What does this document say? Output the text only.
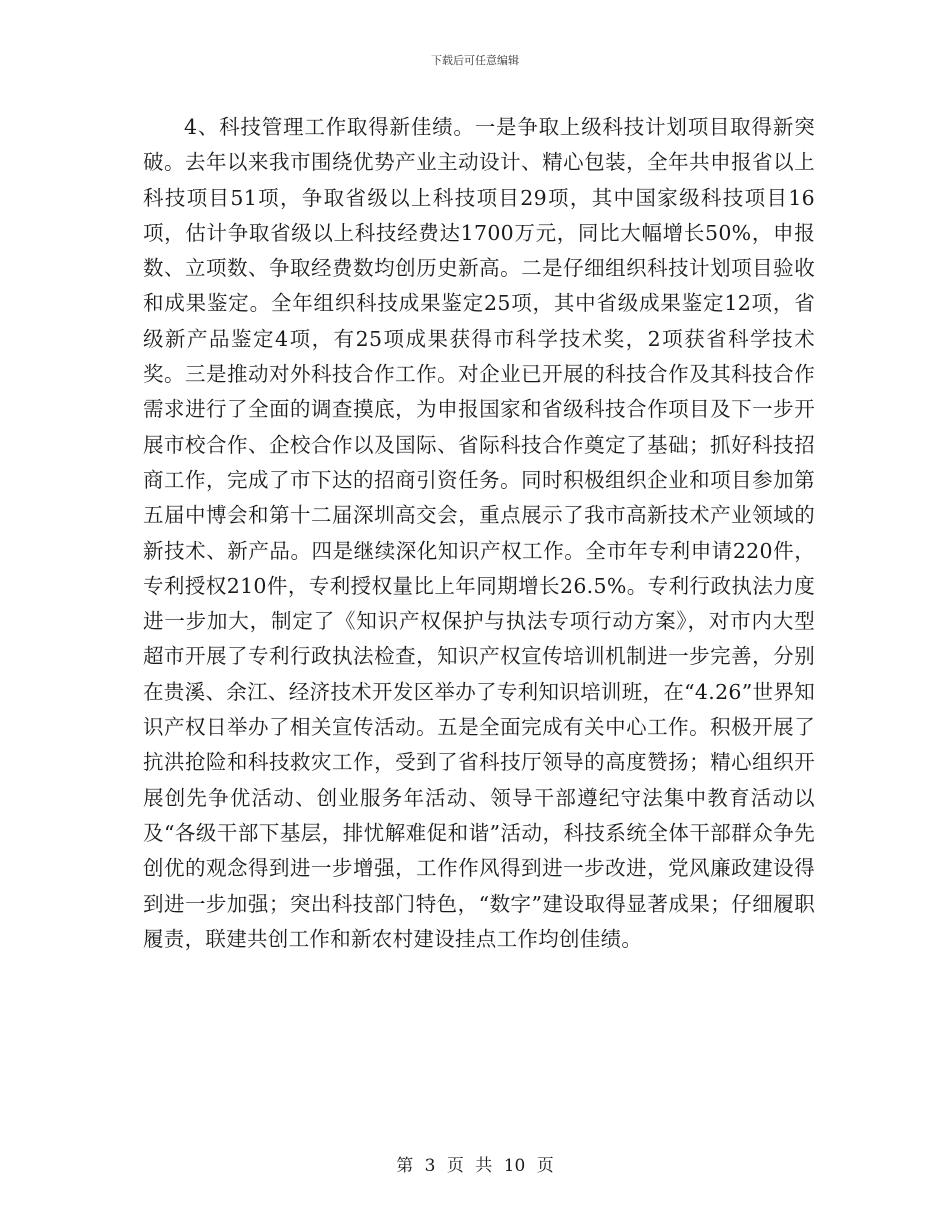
下载后可任意编辑

4、科技管理工作取得新佳绩。一是争取上级科技计划项目取得新突破。去年以来我市围绕优势产业主动设计、精心包装，全年共申报省以上科技项目51项，争取省级以上科技项目29项，其中国家级科技项目16项，估计争取省级以上科技经费达1700万元，同比大幅增长50%，申报数、立项数、争取经费数均创历史新高。二是仔细组织科技计划项目验收和成果鉴定。全年组织科技成果鉴定25项，其中省级成果鉴定12项，省级新产品鉴定4项，有25项成果获得市科学技术奖，2项获省科学技术奖。三是推动对外科技合作工作。对企业已开展的科技合作及其科技合作需求进行了全面的调查摸底，为申报国家和省级科技合作项目及下一步开展市校合作、企校合作以及国际、省际科技合作奠定了基础；抓好科技招商工作，完成了市下达的招商引资任务。同时积极组织企业和项目参加第五届中博会和第十二届深圳高交会，重点展示了我市高新技术产业领域的新技术、新产品。四是继续深化知识产权工作。全市年专利申请220件，专利授权210件，专利授权量比上年同期增长26.5%。专利行政执法力度进一步加大，制定了《知识产权保护与执法专项行动方案》，对市内大型超市开展了专利行政执法检查，知识产权宣传培训机制进一步完善，分别在贵溪、余江、经济技术开发区举办了专利知识培训班，在“4.26”世界知识产权日举办了相关宣传活动。五是全面完成有关中心工作。积极开展了抗洪抢险和科技救灾工作，受到了省科技厅领导的高度赞扬；精心组织开展创先争优活动、创业服务年活动、领导干部遵纪守法集中教育活动以及“各级干部下基层，排忧解难促和谐”活动，科技系统全体干部群众争先创优的观念得到进一步增强，工作作风得到进一步改进，党风廉政建设得到进一步加强；突出科技部门特色，“数字”建设取得显著成果；仔细履职履责，联建共创工作和新农村建设挂点工作均创佳绩。

第 3 页 共 10 页
